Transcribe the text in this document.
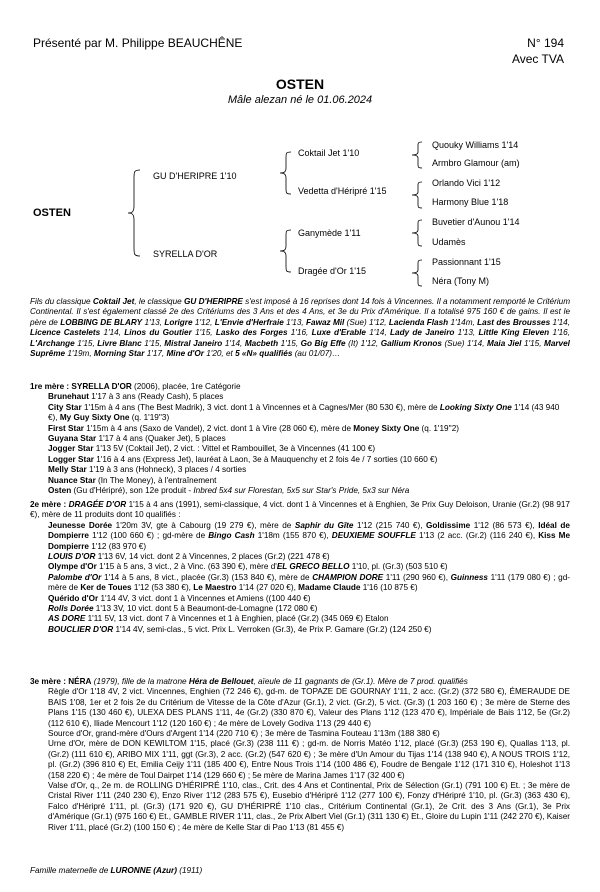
Présenté par M. Philippe BEAUCHÊNE	N° 194
Avec TVA
OSTEN
Mâle alezan né le 01.06.2024
OSTEN
GU D'HERIPRE 1'10
SYRELLA D'OR
Coktail Jet 1'10
Vedetta d'Héripré 1'15
Ganymède 1'11
Dragée d'Or 1'15
Quouky Williams 1'14
Armbro Glamour (am)
Orlando Vici 1'12
Harmony Blue 1'18
Buvetier d'Aunou 1'14
Udamès
Passionnant 1'15
Néra (Tony M)
Fils du classique Coktail Jet, le classique GU D'HERIPRE s'est imposé à 16 reprises dont 14 fois à Vincennes. Il a notamment remporté le Critérium Continental. Il s'est également classé 2e des Critériums des 3 Ans et des 4 Ans, et 3e du Prix d'Amérique. Il a totalisé 975 160 € de gains. Il est le père de LOBBING DE BLARY 1'13, Lorigre 1'12, L'Envie d'Herfraie 1'13, Fawaz Mil (Sue) 1'12, Lacienda Flash 1'14m, Last des Brousses 1'14, Licence Castelets 1'14, Linos du Goutier 1'15, Lasko des Forges 1'16, Luxe d'Erable 1'14, Lady de Janeiro 1'13, Little King Eleven 1'16, L'Archange 1'15, Livre Blanc 1'15, Mistral Janeiro 1'14, Macbeth 1'15, Go Big Effe (It) 1'12, Gallium Kronos (Sue) 1'14, Maia Jiel 1'15, Marvel Suprême 1'19m, Morning Star 1'17, Mine d'Or 1'20, et 5 «N» qualifiés (au 01/07)…

1re mère : SYRELLA D'OR (2006), placée, 1re Catégorie

Brunehaut 1'17 à 3 ans (Ready Cash), 5 places

City Star 1'15m à 4 ans (The Best Madrik), 3 vict. dont 1 à Vincennes et à Cagnes/Mer (80 530 €), mère de Looking Sixty One 1'14 (43 940 €), My Guy Sixty One (q. 1'19''3)

First Star 1'15m à 4 ans (Saxo de Vandel), 2 vict. dont 1 à Vire (28 060 €), mère de Money Sixty One (q. 1'19''2)

Guyana Star 1'17 à 4 ans (Quaker Jet), 5 places

Jogger Star 1'13 5V (Coktail Jet), 2 vict. : Vittel et Rambouillet, 3e à Vincennes (41 100 €)

Logger Star 1'16 à 4 ans (Express Jet), lauréat à Laon, 3e à Mauquenchy et 2 fois 4e / 7 sorties (10 660 €)

Melly Star 1'19 à 3 ans (Hohneck), 3 places / 4 sorties

Nuance Star (In The Money), à l'entraînement

Osten (Gu d'Héripré), son 12e produit - Inbred 5x4 sur Florestan, 5x5 sur Star's Pride, 5x3 sur Néra

2e mère : DRAGÉE D'OR 1'15 à 4 ans (1991), semi-classique, 4 vict. dont 1 à Vincennes et à Enghien, 3e Prix Guy Deloison, Uranie (Gr.2) (98 917 €), mère de 11 produits dont 10 qualifiés :

Jeunesse Dorée 1'20m 3V, gte à Cabourg (19 279 €), mère de Saphir du Gîte 1'12 (215 740 €), Goldissime 1'12 (86 573 €), Idéal de Dompierre 1'12 (100 660 €) ; gd-mère de Bingo Cash 1'18m (155 870 €), DEUXIEME SOUFFLE 1'13 (2 acc. (Gr.2) (116 240 €), Kiss Me Dompierre 1'12 (83 970 €)

LOUIS D'OR 1'13 6V, 14 vict. dont 2 à Vincennes, 2 places (Gr.2) (221 478 €)

Olympe d'Or 1'15 à 5 ans, 3 vict., 2 à Vinc. (63 390 €), mère d'EL GRECO BELLO 1'10, pl. (Gr.3) (503 510 €)

Palombe d'Or 1'14 à 5 ans, 8 vict., placée (Gr.3) (153 840 €), mère de CHAMPION DORE 1'11 (290 960 €), Guinness 1'11 (179 080 €) ; gd-mère de Ker de Toues 1'12 (53 380 €), Le Maestro 1'14 (27 020 €), Madame Claude 1'16 (10 875 €)

Quérido d'Or 1'14 4V, 3 vict. dont 1 à Vincennes et Amiens ((100 440 €)

Rolls Dorée 1'13 3V, 10 vict. dont 5 à Beaumont-de-Lomagne (172 080 €)

AS DORE 1'11 5V, 13 vict. dont 7 à Vincennes et 1 à Enghien, placé (Gr.2) (345 069 €) Etalon

BOUCLIER D'OR 1'14 4V, semi-clas., 5 vict. Prix L. Verroken (Gr.3), 4e Prix P. Gamare (Gr.2) (124 250 €)

3e mère : NÉRA (1979), fille de la matrone Héra de Bellouet, aïeule de 11 gagnants de (Gr.1). Mère de 7 prod. qualifiés

Règle d'Or 1'18 4V, 2 vict. Vincennes, Enghien (72 246 €), gd-m. de TOPAZE DE GOURNAY 1'11, 2 acc. (Gr.2) (372 580 €), ÉMERAUDE DE BAIS 1'08, 1er et 2 fois 2e du Critérium de Vitesse de la Côte d'Azur (Gr.1), 2 vict. (Gr.2), 5 vict. (Gr.3) (1 203 160 €) ; 3e mère de Sterne des Plans 1'15 (130 460 €), ULEXA DES PLANS 1'11, 4e (Gr.2) (330 870 €), Valeur des Plans 1'12 (123 470 €), Impériale de Bais 1'12, 5e (Gr.2) (112 610 €), Iliade Mencourt 1'12 (120 160 €) ; 4e mère de Lovely Godiva 1'13 (29 440 €)

Source d'Or, grand-mère d'Ours d'Argent 1'14 (220 710 €) ; 3e mère de Tasmina Fouteau 1'13m (188 380 €)

Urne d'Or, mère de DON KEWILTOM 1'15, placé (Gr.3) (238 111 €) ; gd-m. de Norris Matéo 1'12, placé (Gr.3) (253 190 €), Quallas 1'13, pl. (Gr.2) (111 610 €), ARIBO MIX 1'11, ggt (Gr.3), 2 acc. (Gr.2) (547 620 €) ; 3e mère d'Un Amour du Tijas 1'14 (138 940 €), A NOUS TROIS 1'12, pl. (Gr.2) (396 810 €) Et, Emilia Ceijy 1'11 (185 400 €), Entre Nous Trois 1'14 (100 486 €), Foudre de Bengale 1'12 (171 310 €), Holeshot 1'13 (158 220 €) ; 4e mère de Toul Dairpet 1'14 (129 660 €) ; 5e mère de Marina James 1'17 (32 400 €)

Valse d'Or, q., 2e m. de ROLLING D'HÉRIPRÉ 1'10, clas., Crit. des 4 Ans et Continental, Prix de Sélection (Gr.1) (791 100 €) Et. ; 3e mère de Cristal River 1'11 (240 230 €), Enzo River 1'12 (283 575 €), Eusebio d'Héripré 1'12 (277 100 €), Fonzy d'Héripré 1'10, pl. (Gr.3) (363 430 €), Falco d'Héripré 1'11, pl. (Gr.3) (171 920 €), GU D'HÉRIPRÉ 1'10 clas., Critérium Continental (Gr.1), 2e Crit. des 3 Ans (Gr.1), 3e Prix d'Amérique (Gr.1) (975 160 €) Et., GAMBLE RIVER 1'11, clas., 2e Prix Albert Viel (Gr.1) (311 130 €) Et., Gloire du Lupin 1'11 (242 270 €), Kaiser River 1'11, placé (Gr.2) (100 150 €) ; 4e mère de Kelle Star di Pao 1'13 (81 455 €)

Famille maternelle de LURONNE (Azur) (1911)
